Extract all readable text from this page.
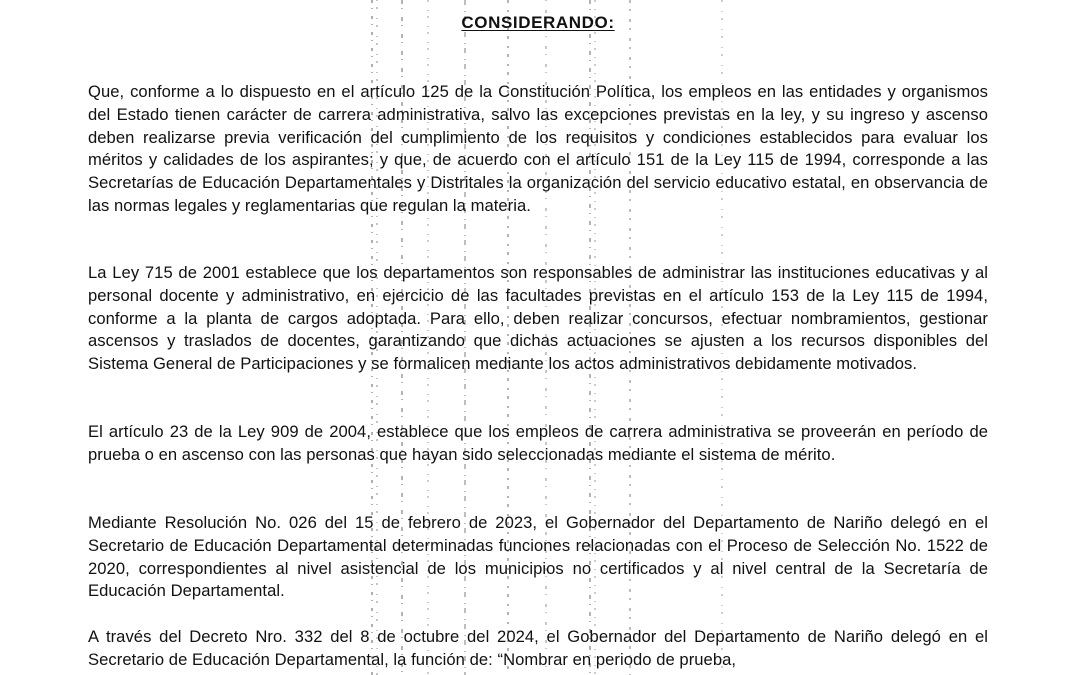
CONSIDERANDO:

Que, conforme a lo dispuesto en el artículo 125 de la Constitución Política, los empleos en las entidades y organismos del Estado tienen carácter de carrera administrativa, salvo las excepciones previstas en la ley, y su ingreso y ascenso deben realizarse previa verificación del cumplimiento de los requisitos y condiciones establecidos para evaluar los méritos y calidades de los aspirantes; y que, de acuerdo con el artículo 151 de la Ley 115 de 1994, corresponde a las Secretarías de Educación Departamentales y Distritales la organización del servicio educativo estatal, en observancia de las normas legales y reglamentarias que regulan la materia.

La Ley 715 de 2001 establece que los departamentos son responsables de administrar las instituciones educativas y al personal docente y administrativo, en ejercicio de las facultades previstas en el artículo 153 de la Ley 115 de 1994, conforme a la planta de cargos adoptada. Para ello, deben realizar concursos, efectuar nombramientos, gestionar ascensos y traslados de docentes, garantizando que dichas actuaciones se ajusten a los recursos disponibles del Sistema General de Participaciones y se formalicen mediante los actos administrativos debidamente motivados.

El artículo 23 de la Ley 909 de 2004, establece que los empleos de carrera administrativa se proveerán en período de prueba o en ascenso con las personas que hayan sido seleccionadas mediante el sistema de mérito.

Mediante Resolución No. 026 del 15 de febrero de 2023, el Gobernador del Departamento de Nariño delegó en el Secretario de Educación Departamental determinadas funciones relacionadas con el Proceso de Selección No. 1522 de 2020, correspondientes al nivel asistencial de los municipios no certificados y al nivel central de la Secretaría de Educación Departamental.

A través del Decreto Nro. 332 del 8 de octubre del 2024, el Gobernador del Departamento de Nariño delegó en el Secretario de Educación Departamental, la función de: “Nombrar en periodo de prueba,
